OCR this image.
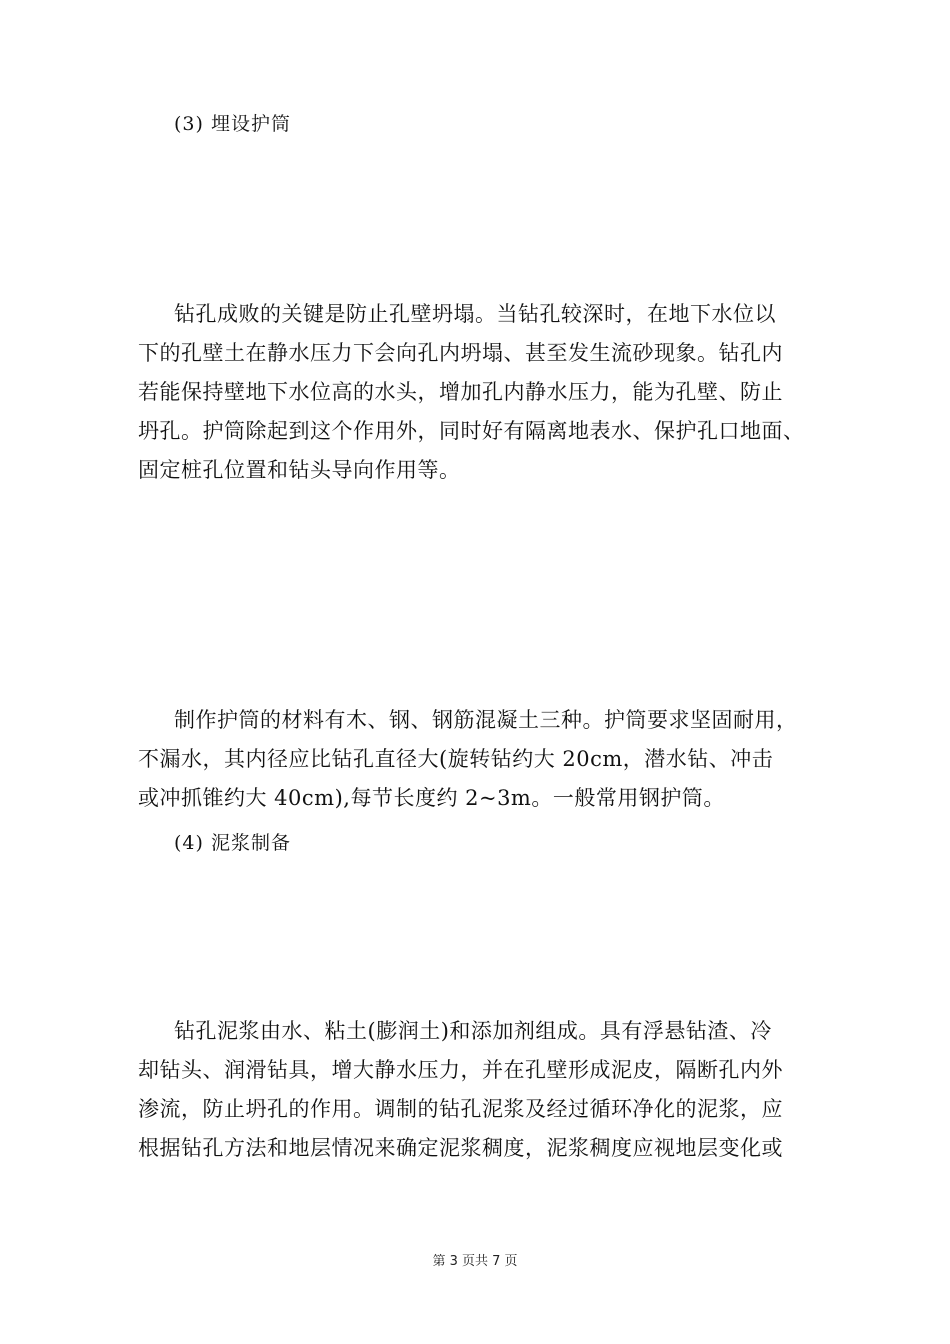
(3) 埋设护筒
钻孔成败的关键是防止孔壁坍塌。当钻孔较深时，在地下水位以
下的孔壁土在静水压力下会向孔内坍塌、甚至发生流砂现象。钻孔内
若能保持壁地下水位高的水头，增加孔内静水压力，能为孔壁、防止
坍孔。护筒除起到这个作用外，同时好有隔离地表水、保护孔口地面、
固定桩孔位置和钻头导向作用等。
制作护筒的材料有木、钢、钢筋混凝土三种。护筒要求坚固耐用，
不漏水，其内径应比钻孔直径大(旋转钻约大 20cm，潜水钻、冲击
或冲抓锥约大 40cm),每节长度约 2~3m。一般常用钢护筒。
(4) 泥浆制备
钻孔泥浆由水、粘土(膨润土)和添加剂组成。具有浮悬钻渣、冷
却钻头、润滑钻具，增大静水压力，并在孔壁形成泥皮，隔断孔内外
渗流，防止坍孔的作用。调制的钻孔泥浆及经过循环净化的泥浆，应
根据钻孔方法和地层情况来确定泥浆稠度，泥浆稠度应视地层变化或
第 3 页共 7 页
